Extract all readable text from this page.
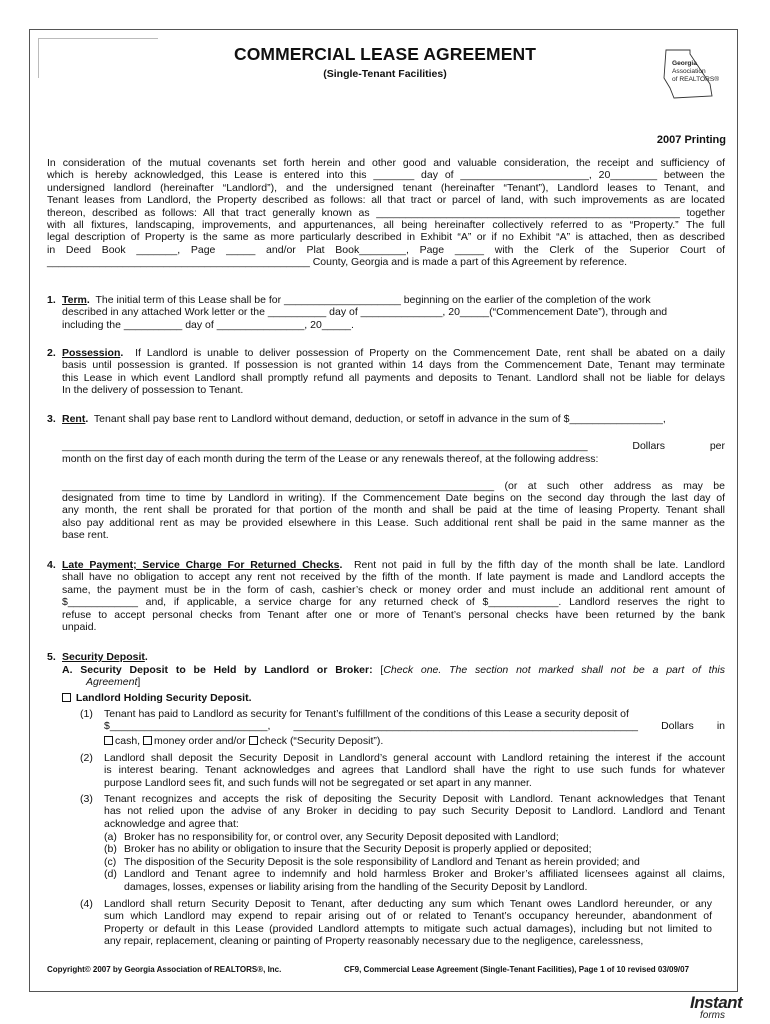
COMMERCIAL LEASE AGREEMENT
(Single-Tenant Facilities)
Georgia
Association
of REALTORS®
2007 Printing
In consideration of the mutual covenants set forth herein and other good and valuable consideration, the receipt and sufficiency of
which is hereby acknowledged, this Lease is entered into this _______ day of ______________________, 20________ between the
undersigned landlord (hereinafter “Landlord”), and the undersigned tenant (hereinafter “Tenant”), Landlord leases to Tenant, and
Tenant leases from Landlord, the Property described as follows: all that tract or parcel of land, with such improvements as are located
thereon, described as follows: All that tract generally known as ____________________________________________________ together
with all fixtures, landscaping, improvements, and appurtenances, all being hereinafter collectively referred to as “Property.” The full
legal description of Property is the same as more particularly described in Exhibit “A” or if no Exhibit “A” is attached, then as described
in Deed Book _______, Page _____ and/or Plat Book________, Page _____ with the Clerk of the Superior Court of
_____________________________________________ County, Georgia and is made a part of this Agreement by reference.
1. Term. The initial term of this Lease shall be for ____________________ beginning on the earlier of the completion of the work
described in any attached Work letter or the __________ day of ______________, 20_____(“Commencement Date”), through and
including the __________ day of _______________, 20_____.
2. Possession. If Landlord is unable to deliver possession of Property on the Commencement Date, rent shall be abated on a daily
basis until possession is granted. If possession is not granted within 14 days from the Commencement Date, Tenant may terminate
this Lease in which event Landlord shall promptly refund all payments and deposits to Tenant. Landlord shall not be liable for delays
In the delivery of possession to Tenant.
3. Rent. Tenant shall pay base rent to Landlord without demand, deduction, or setoff in advance in the sum of $________________,
__________________________________________________________________________________________ Dollars per
month on the first day of each month during the term of the Lease or any renewals thereof, at the following address:
__________________________________________________________________________ (or at such other address as may be
designated from time to time by Landlord in writing). If the Commencement Date begins on the second day through the last day of
any month, the rent shall be prorated for that portion of the month and shall be paid at the time of leasing Property. Tenant shall
also pay additional rent as may be provided elsewhere in this Lease. Such additional rent shall be paid in the same manner as the
base rent.
4. Late Payment; Service Charge For Returned Checks. Rent not paid in full by the fifth day of the month shall be late. Landlord
shall have no obligation to accept any rent not received by the fifth of the month. If late payment is made and Landlord accepts the
same, the payment must be in the form of cash, cashier’s check or money order and must include an additional rent amount of
$____________ and, if applicable, a service charge for any returned check of $____________. Landlord reserves the right to
refuse to accept personal checks from Tenant after one or more of Tenant’s personal checks have been returned by the bank
unpaid.
5. Security Deposit.
A. Security Deposit to be Held by Landlord or Broker: [Check one. The section not marked shall not be a part of this
Agreement]
Landlord Holding Security Deposit.
(1) Tenant has paid to Landlord as security for Tenant’s fulfillment of the conditions of this Lease a security deposit of
$___________________________, ___________________________________________________________ Dollars in
cash, money order and/or check (“Security Deposit”).
(2) Landlord shall deposit the Security Deposit in Landlord’s general account with Landlord retaining the interest if the account
is interest bearing. Tenant acknowledges and agrees that Landlord shall have the right to use such funds for whatever
purpose Landlord sees fit, and such funds will not be segregated or set apart in any manner.
(3) Tenant recognizes and accepts the risk of depositing the Security Deposit with Landlord. Tenant acknowledges that Tenant
has not relied upon the advise of any Broker in deciding to pay such Security Deposit to Landlord. Landlord and Tenant
acknowledge and agree that:
(a) Broker has no responsibility for, or control over, any Security Deposit deposited with Landlord;
(b) Broker has no ability or obligation to insure that the Security Deposit is properly applied or deposited;
(c) The disposition of the Security Deposit is the sole responsibility of Landlord and Tenant as herein provided; and
(d) Landlord and Tenant agree to indemnify and hold harmless Broker and Broker’s affiliated licensees against all claims,
damages, losses, expenses or liability arising from the handling of the Security Deposit by Landlord.
(4) Landlord shall return Security Deposit to Tenant, after deducting any sum which Tenant owes Landlord hereunder, or any
sum which Landlord may expend to repair arising out of or related to Tenant’s occupancy hereunder, abandonment of
Property or default in this Lease (provided Landlord attempts to mitigate such actual damages), including but not limited to
any repair, replacement, cleaning or painting of Property reasonably necessary due to the negligence, carelessness,
Copyright© 2007 by Georgia Association of REALTORS®, Inc.	CF9, Commercial Lease Agreement (Single-Tenant Facilities), Page 1 of 10 revised 03/09/07
Instant
forms
